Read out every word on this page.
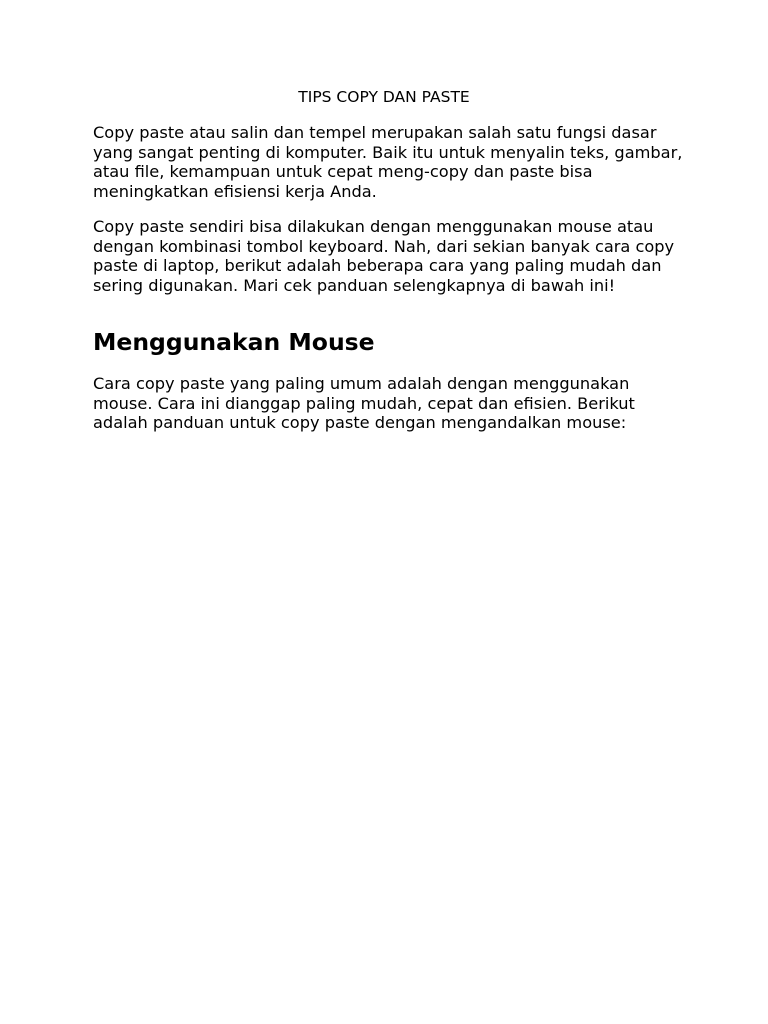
TIPS COPY DAN PASTE

Copy paste atau salin dan tempel merupakan salah satu fungsi dasar yang sangat penting di komputer. Baik itu untuk menyalin teks, gambar, atau file, kemampuan untuk cepat meng-copy dan paste bisa meningkatkan efisiensi kerja Anda.

Copy paste sendiri bisa dilakukan dengan menggunakan mouse atau dengan kombinasi tombol keyboard. Nah, dari sekian banyak cara copy paste di laptop, berikut adalah beberapa cara yang paling mudah dan sering digunakan. Mari cek panduan selengkapnya di bawah ini!

Menggunakan Mouse

Cara copy paste yang paling umum adalah dengan menggunakan mouse. Cara ini dianggap paling mudah, cepat dan efisien. Berikut adalah panduan untuk copy paste dengan mengandalkan mouse:
